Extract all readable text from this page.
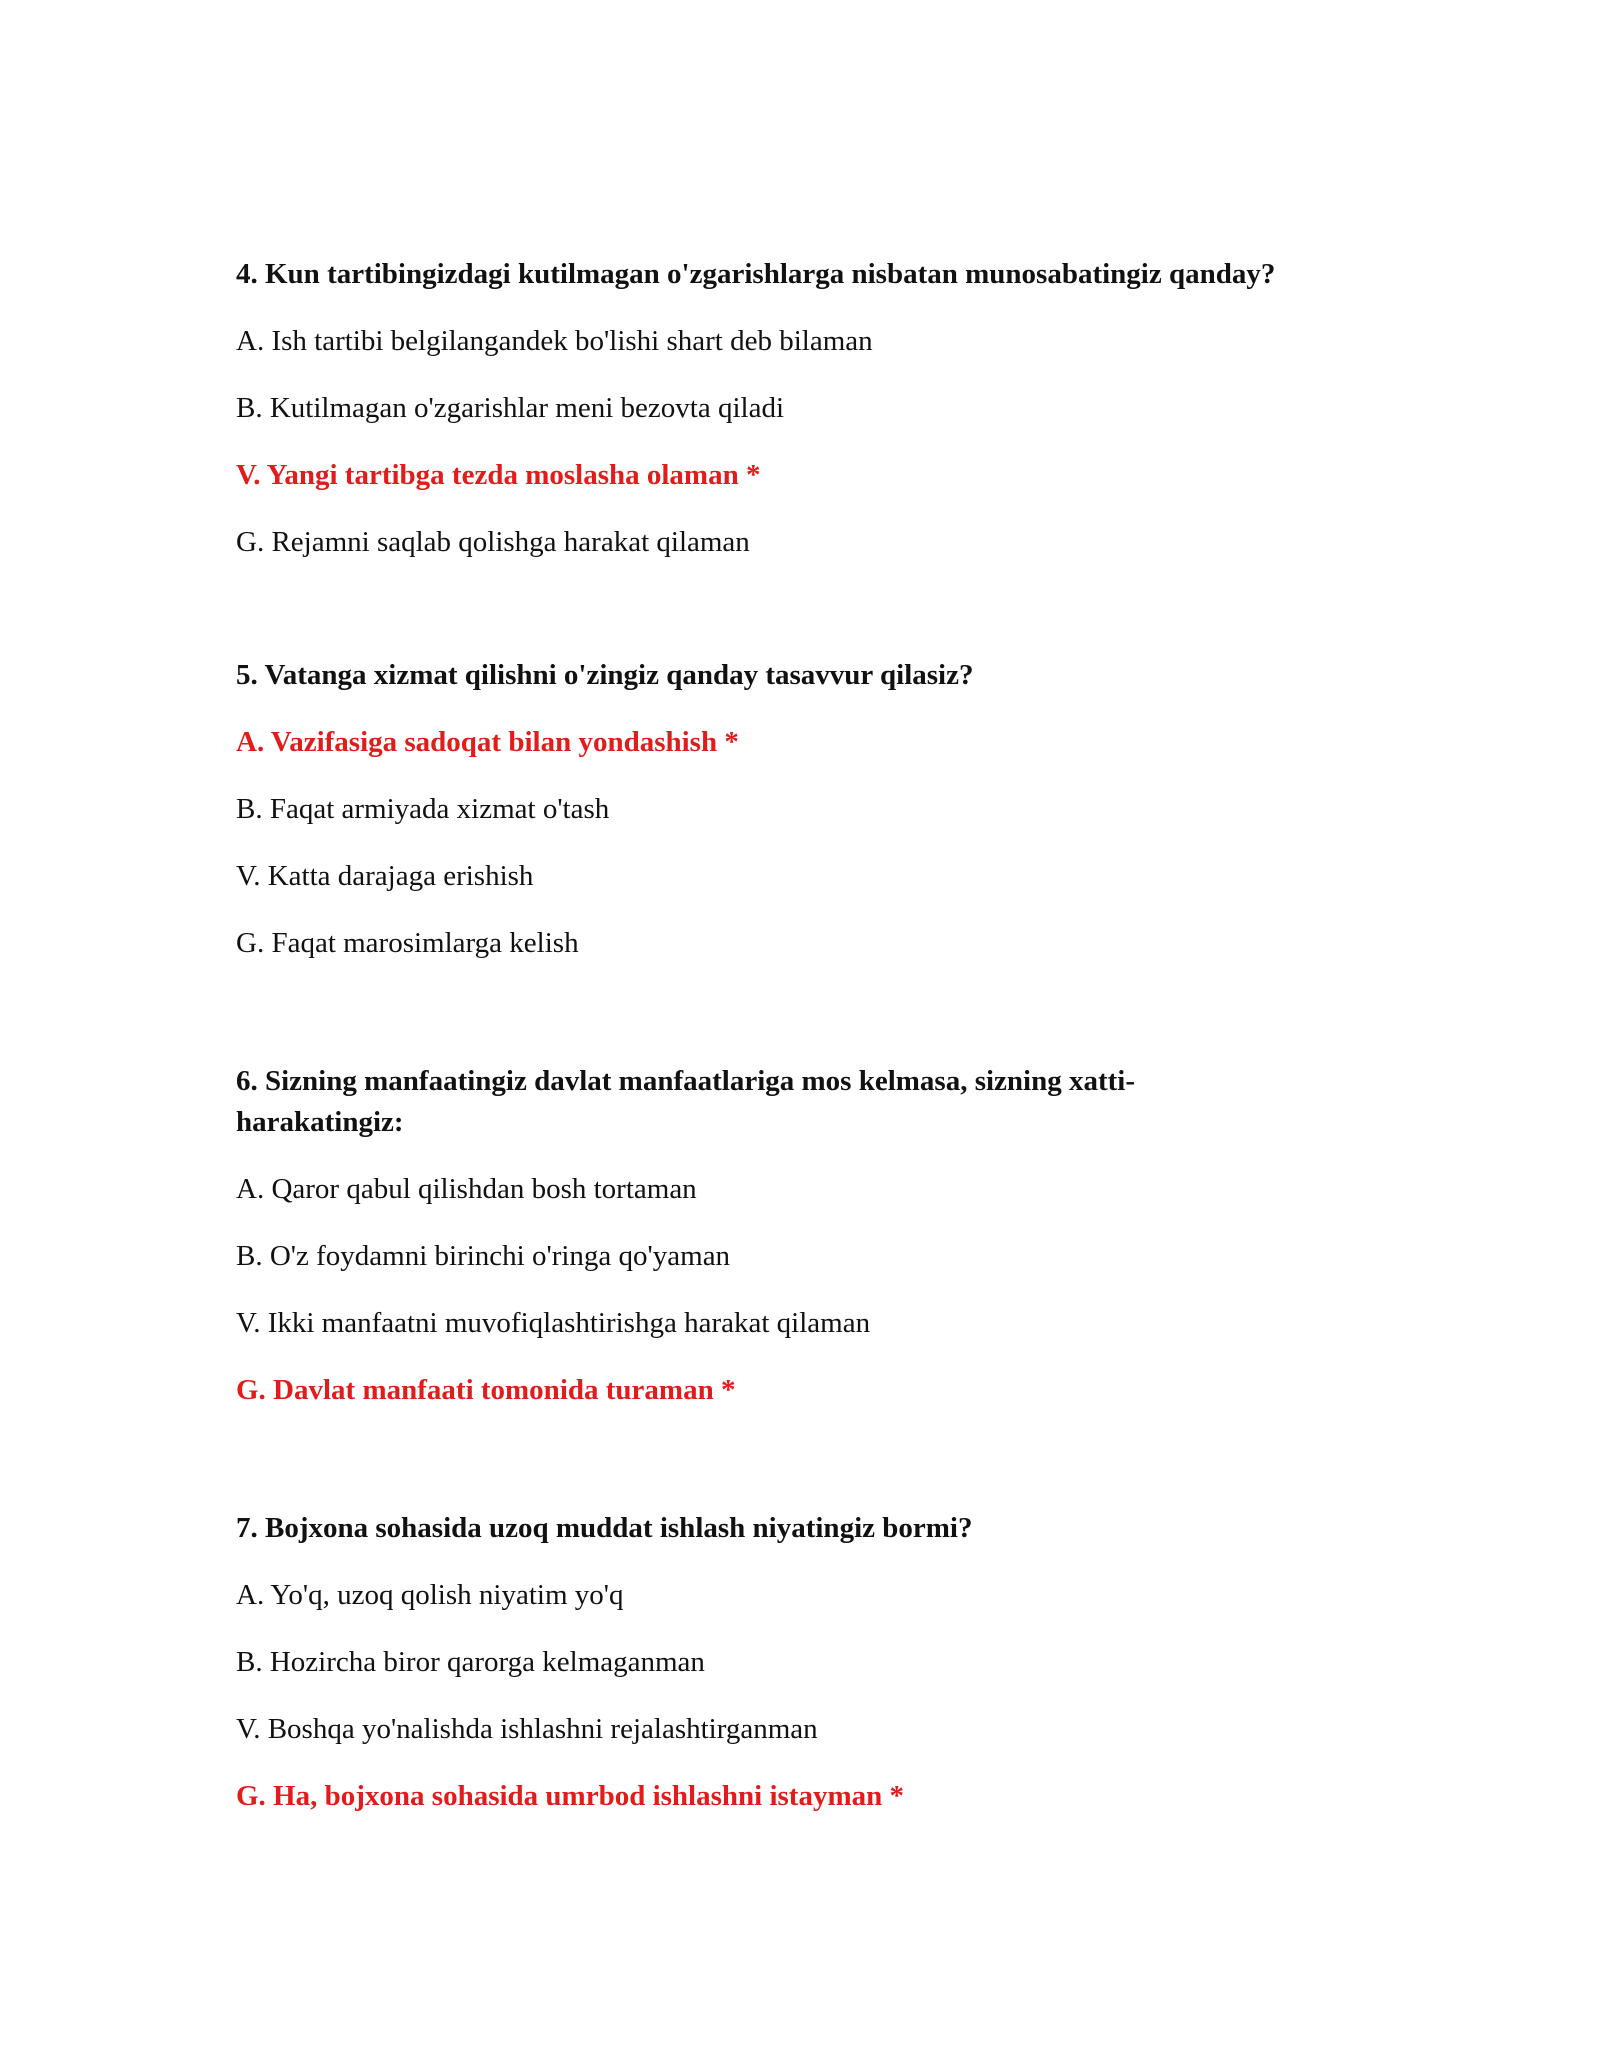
4. Kun tartibingizdagi kutilmagan o'zgarishlarga nisbatan munosabatingiz qanday?

A. Ish tartibi belgilangandek bo'lishi shart deb bilaman

B. Kutilmagan o'zgarishlar meni bezovta qiladi

V. Yangi tartibga tezda moslasha olaman *

G. Rejamni saqlab qolishga harakat qilaman

5. Vatanga xizmat qilishni o'zingiz qanday tasavvur qilasiz?

A. Vazifasiga sadoqat bilan yondashish *

B. Faqat armiyada xizmat o'tash

V. Katta darajaga erishish

G. Faqat marosimlarga kelish

6. Sizning manfaatingiz davlat manfaatlariga mos kelmasa, sizning xatti-harakatingiz:

A. Qaror qabul qilishdan bosh tortaman

B. O'z foydamni birinchi o'ringa qo'yaman

V. Ikki manfaatni muvofiqlashtirishga harakat qilaman

G. Davlat manfaati tomonida turaman *

7. Bojxona sohasida uzoq muddat ishlash niyatingiz bormi?

A. Yo'q, uzoq qolish niyatim yo'q

B. Hozircha biror qarorga kelmaganman

V. Boshqa yo'nalishda ishlashni rejalashtirganman

G. Ha, bojxona sohasida umrbod ishlashni istayman *
